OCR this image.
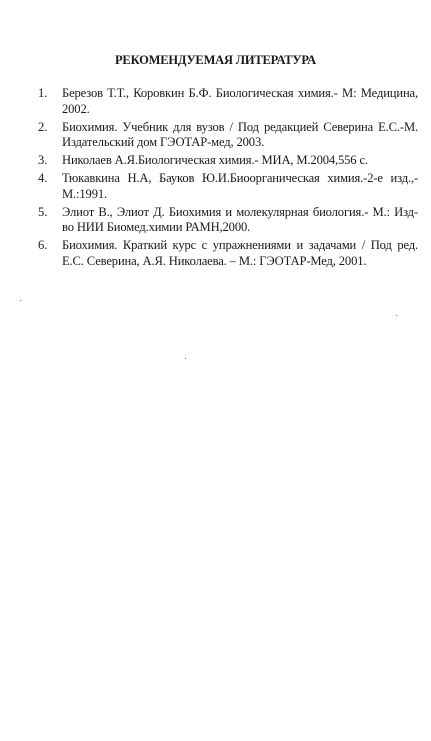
РЕКОМЕНДУЕМАЯ ЛИТЕРАТУРА
1.	Березов Т.Т., Коровкин Б.Ф. Биологическая химия.- М: Медицина, 2002.
2.	Биохимия. Учебник для вузов / Под редакцией Северина Е.С.-М. Издательский дом ГЭОТАР-мед, 2003.
3.	Николаев А.Я.Биологическая химия.- МИА, М.2004,556 с.
4.	Тюкавкина Н.А, Бауков Ю.И.Биоорганическая химия.-2-е изд.,- М.:1991.
5.	Элиот В., Элиот Д. Биохимия и молекулярная биология.- М.: Изд-во НИИ Биомед.химии РАМН,2000.
6.	Биохимия. Краткий курс с упражнениями и задачами / Под ред. Е.С. Северина, А.Я. Николаева. – М.: ГЭОТАР-Мед, 2001.
